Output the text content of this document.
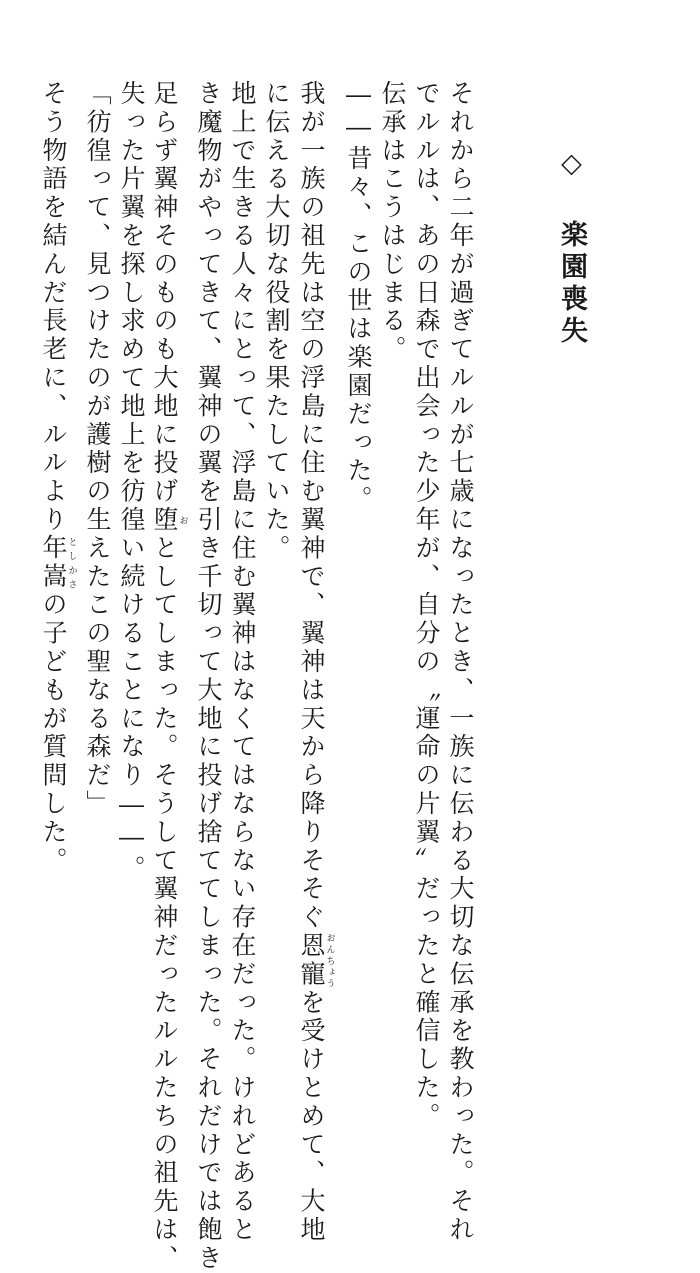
◇ 楽園喪失
それから二年が過ぎてルルが七歳になったとき、一族に伝わる大切な伝承を教わった。それ
でルルは、あの日森で出会った少年が、自分の〝運命の片翼〟だったと確信した。
伝承はこうはじまる。
――昔々、この世は楽園だった。
我が一族の祖先は空の浮島に住む翼神で、翼神は天から降りそそぐ恩寵おんちょうを受けとめて、大地
に伝える大切な役割を果たしていた。
地上で生きる人々にとって、浮島に住む翼神はなくてはならない存在だった。けれどあると
き魔物がやってきて、翼神の翼を引き千切って大地に投げ捨ててしまった。それだけでは飽き
足らず翼神そのものも大地に投げ堕おとしてしまった。そうして翼神だったルルたちの祖先は、
失った片翼を探し求めて地上を彷徨い続けることになり――。
「彷徨って、見つけたのが護樹の生えたこの聖なる森だ」
そう物語を結んだ長老に、ルルより年嵩としかさの子どもが質問した。
